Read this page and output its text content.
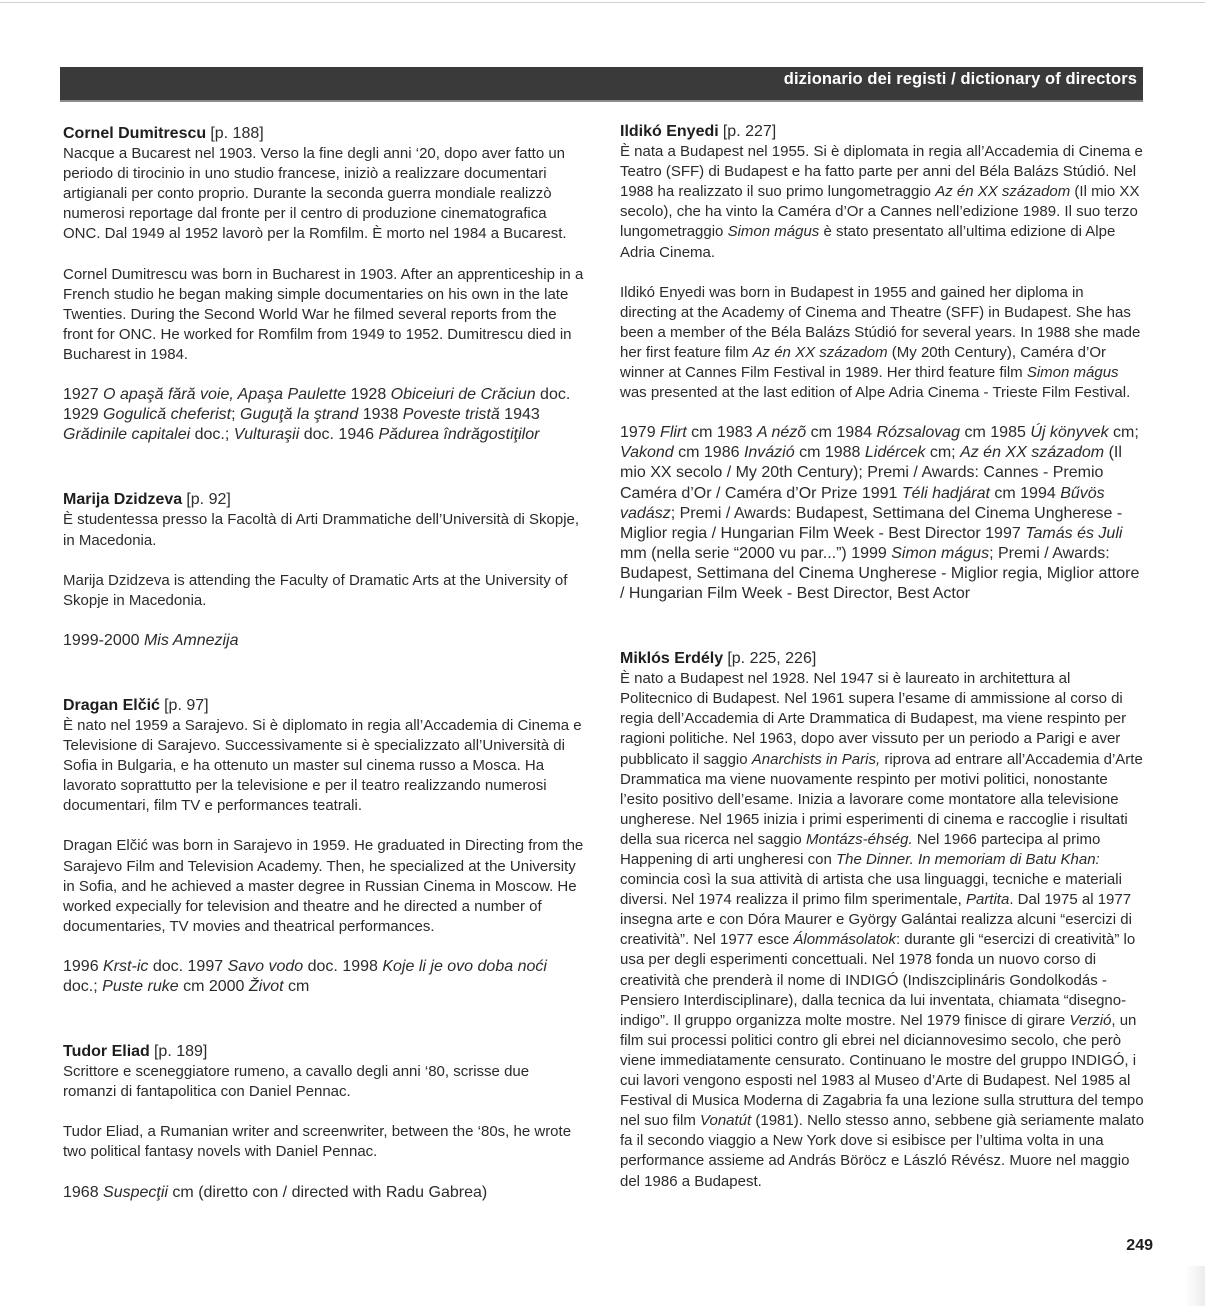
dizionario dei registi / dictionary of directors

Cornel Dumitrescu [p. 188]

Nacque a Bucarest nel 1903. Verso la fine degli anni ‘20, dopo aver fatto un periodo di tirocinio in uno studio francese, iniziò a realizzare documentari artigianali per conto proprio. Durante la seconda guerra mondiale realizzò numerosi reportage dal fronte per il centro di produzione cinematografica ONC. Dal 1949 al 1952 lavorò per la Romfilm. È morto nel 1984 a Bucarest.

Cornel Dumitrescu was born in Bucharest in 1903. After an apprenticeship in a French studio he began making simple documentaries on his own in the late Twenties. During the Second World War he filmed several reports from the front for ONC. He worked for Romfilm from 1949 to 1952. Dumitrescu died in Bucharest in 1984.

1927 O apaşă fără voie, Apaşa Paulette 1928 Obiceiuri de Crăciun doc. 1929 Gogulică cheferist; Guguţă la ştrand 1938 Poveste tristă 1943 Grădinile capitalei doc.; Vulturaşii doc. 1946 Pădurea îndrăgostiţilor

Marija Dzidzeva [p. 92]

È studentessa presso la Facoltà di Arti Drammatiche dell’Università di Skopje, in Macedonia.

Marija Dzidzeva is attending the Faculty of Dramatic Arts at the University of Skopje in Macedonia.

1999-2000 Mis Amnezija

Dragan Elčić [p. 97]

È nato nel 1959 a Sarajevo. Si è diplomato in regia all’Accademia di Cinema e Televisione di Sarajevo. Successivamente si è specializzato all’Università di Sofia in Bulgaria, e ha ottenuto un master sul cinema russo a Mosca. Ha lavorato soprattutto per la televisione e per il teatro realizzando numerosi documentari, film TV e performances teatrali.

Dragan Elčić was born in Sarajevo in 1959. He graduated in Directing from the Sarajevo Film and Television Academy. Then, he specialized at the University in Sofia, and he achieved a master degree in Russian Cinema in Moscow. He worked expecially for television and theatre and he directed a number of documentaries, TV movies and theatrical performances.

1996 Krst-ic doc. 1997 Savo vodo doc. 1998 Koje li je ovo doba noći doc.; Puste ruke cm 2000 Život cm

Tudor Eliad [p. 189]

Scrittore e sceneggiatore rumeno, a cavallo degli anni ‘80, scrisse due romanzi di fantapolitica con Daniel Pennac.

Tudor Eliad, a Rumanian writer and screenwriter, between the ‘80s, he wrote two political fantasy novels with Daniel Pennac.

1968 Suspecţii cm (diretto con / directed with Radu Gabrea)

Ildikó Enyedi [p. 227]

È nata a Budapest nel 1955. Si è diplomata in regia all’Accademia di Cinema e Teatro (SFF) di Budapest e ha fatto parte per anni del Béla Balázs Stúdió. Nel 1988 ha realizzato il suo primo lungometraggio Az én XX századom (Il mio XX secolo), che ha vinto la Caméra d’Or a Cannes nell’edizione 1989. Il suo terzo lungometraggio Simon mágus è stato presentato all’ultima edizione di Alpe Adria Cinema.

Ildikó Enyedi was born in Budapest in 1955 and gained her diploma in directing at the Academy of Cinema and Theatre (SFF) in Budapest. She has been a member of the Béla Balázs Stúdió for several years. In 1988 she made her first feature film Az én XX századom (My 20th Century), Caméra d’Or winner at Cannes Film Festival in 1989. Her third feature film Simon mágus was presented at the last edition of Alpe Adria Cinema - Trieste Film Festival.

1979 Flirt cm 1983 A nézõ cm 1984 Rózsalovag cm 1985 Új könyvek cm; Vakond cm 1986 Invázió cm 1988 Lidércek cm; Az én XX századom (Il mio XX secolo / My 20th Century); Premi / Awards: Cannes - Premio Caméra d’Or / Caméra d’Or Prize 1991 Téli hadjárat cm 1994 Bűvös vadász; Premi / Awards: Budapest, Settimana del Cinema Ungherese - Miglior regia / Hungarian Film Week - Best Director 1997 Tamás és Juli mm (nella serie “2000 vu par...”) 1999 Simon mágus; Premi / Awards: Budapest, Settimana del Cinema Ungherese - Miglior regia, Miglior attore / Hungarian Film Week - Best Director, Best Actor

Miklós Erdély [p. 225, 226]

È nato a Budapest nel 1928. Nel 1947 si è laureato in architettura al Politecnico di Budapest. Nel 1961 supera l’esame di ammissione al corso di regia dell’Accademia di Arte Drammatica di Budapest, ma viene respinto per ragioni politiche. Nel 1963, dopo aver vissuto per un periodo a Parigi e aver pubblicato il saggio Anarchists in Paris, riprova ad entrare all’Accademia d’Arte Drammatica ma viene nuovamente respinto per motivi politici, nonostante l’esito positivo dell’esame. Inizia a lavorare come montatore alla televisione ungherese. Nel 1965 inizia i primi esperimenti di cinema e raccoglie i risultati della sua ricerca nel saggio Montázs-éhség. Nel 1966 partecipa al primo Happening di arti ungheresi con The Dinner. In memoriam di Batu Khan: comincia così la sua attività di artista che usa linguaggi, tecniche e materiali diversi. Nel 1974 realizza il primo film sperimentale, Partita. Dal 1975 al 1977 insegna arte e con Dóra Maurer e György Galántai realizza alcuni “esercizi di creatività”. Nel 1977 esce Álommásolatok: durante gli “esercizi di creatività” lo usa per degli esperimenti concettuali. Nel 1978 fonda un nuovo corso di creatività che prenderà il nome di INDIGÓ (Indiszciplináris Gondolkodás - Pensiero Interdisciplinare), dalla tecnica da lui inventata, chiamata “disegno-indigo”. Il gruppo organizza molte mostre. Nel 1979 finisce di girare Verzió, un film sui processi politici contro gli ebrei nel diciannovesimo secolo, che però viene immediatamente censurato. Continuano le mostre del gruppo INDIGÓ, i cui lavori vengono esposti nel 1983 al Museo d’Arte di Budapest. Nel 1985 al Festival di Musica Moderna di Zagabria fa una lezione sulla struttura del tempo nel suo film Vonatút (1981). Nello stesso anno, sebbene già seriamente malato fa il secondo viaggio a New York dove si esibisce per l’ultima volta in una performance assieme ad András Böröcz e László Révész. Muore nel maggio del 1986 a Budapest.

249
